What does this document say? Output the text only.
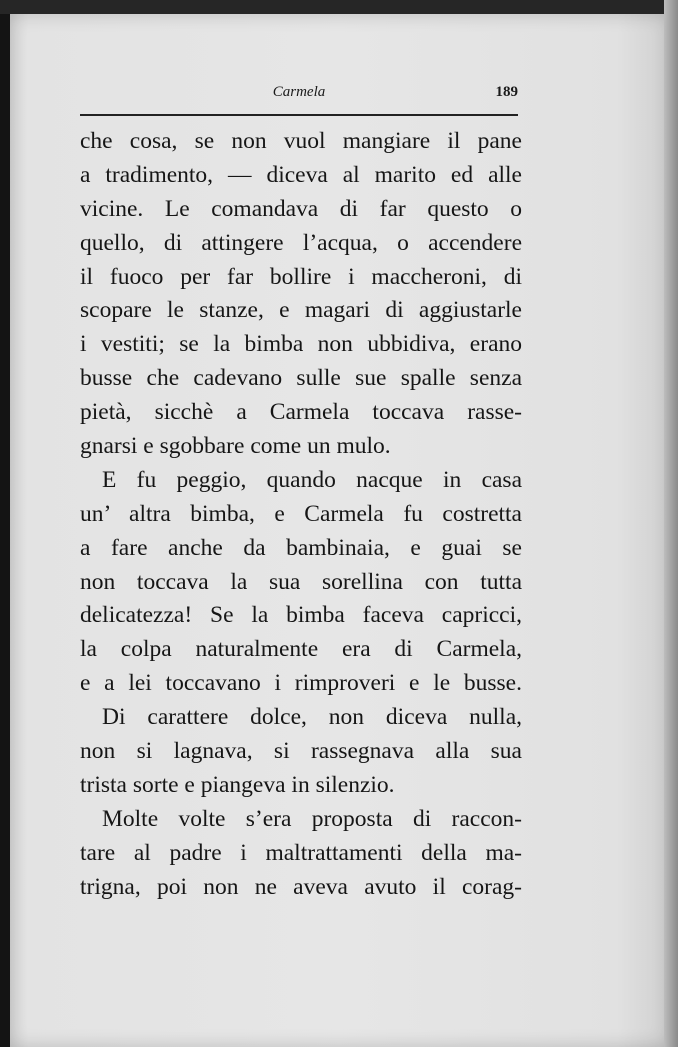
Carmela	189
che cosa, se non vuol mangiare il pane
a tradimento, — diceva al marito ed alle
vicine. Le comandava di far questo o
quello, di attingere l’acqua, o accendere
il fuoco per far bollire i maccheroni, di
scopare le stanze, e magari di aggiustarle
i vestiti; se la bimba non ubbidiva, erano
busse che cadevano sulle sue spalle senza
pietà, sicchè a Carmela toccava rasse-
gnarsi e sgobbare come un mulo.
E fu peggio, quando nacque in casa
un’ altra bimba, e Carmela fu costretta
a fare anche da bambinaia, e guai se
non toccava la sua sorellina con tutta
delicatezza! Se la bimba faceva capricci,
la colpa naturalmente era di Carmela,
e a lei toccavano i rimproveri e le busse.
Di carattere dolce, non diceva nulla,
non si lagnava, si rassegnava alla sua
trista sorte e piangeva in silenzio.
Molte volte s’era proposta di raccon-
tare al padre i maltrattamenti della ma-
trigna, poi non ne aveva avuto il corag-
